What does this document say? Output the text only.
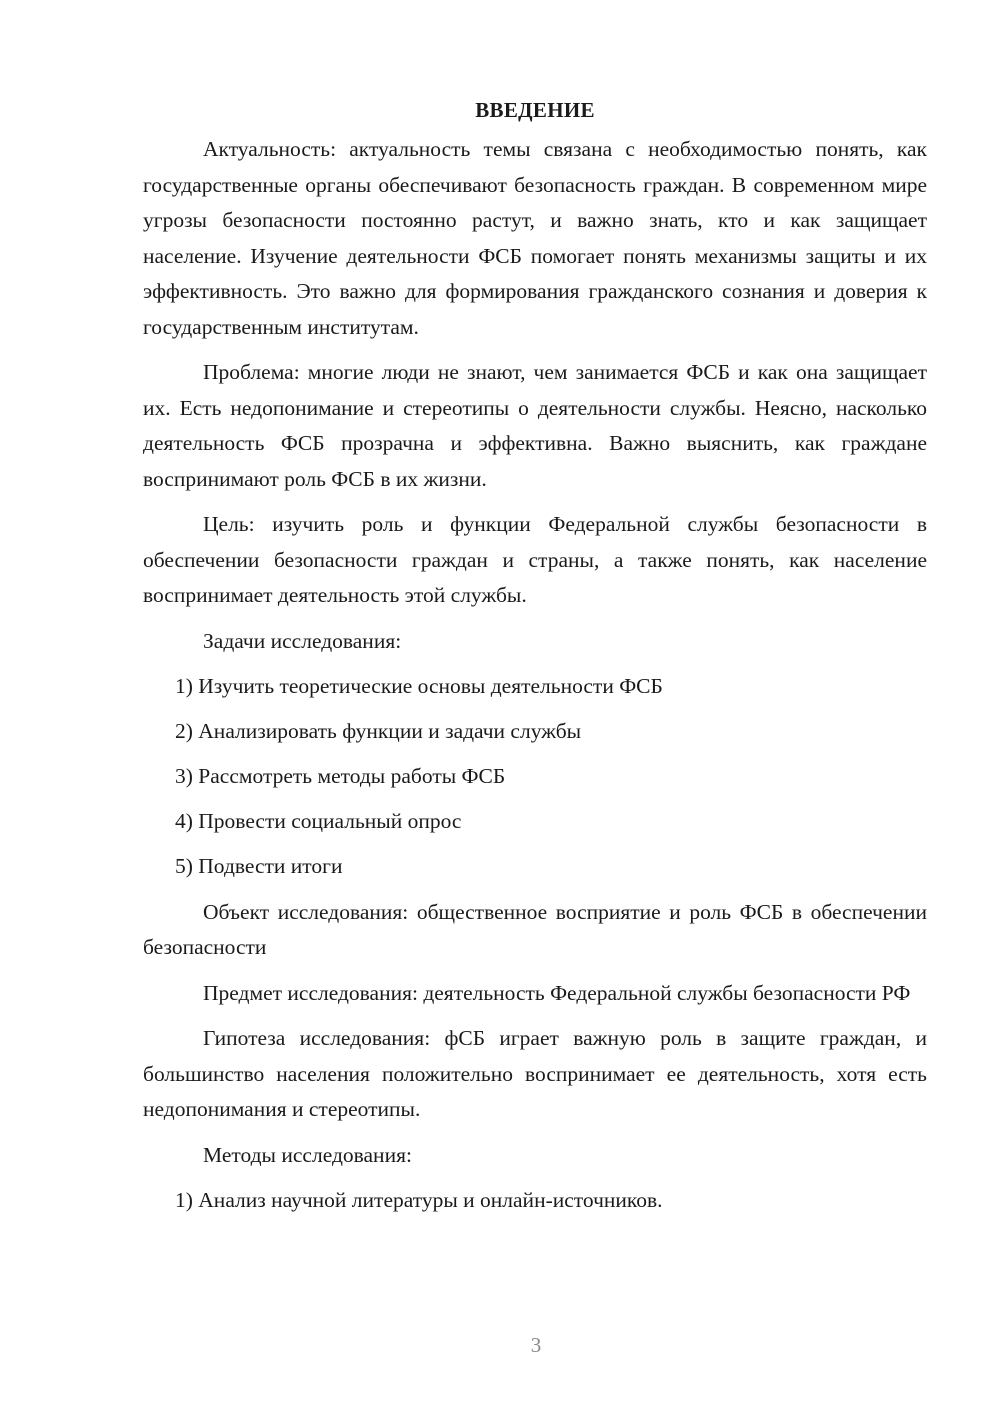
ВВЕДЕНИЕ

Актуальность: актуальность темы связана с необходимостью понять, как государственные органы обеспечивают безопасность граждан. В современном мире угрозы безопасности постоянно растут, и важно знать, кто и как защищает население. Изучение деятельности ФСБ помогает понять механизмы защиты и их эффективность. Это важно для формирования гражданского сознания и доверия к государственным институтам.

Проблема: многие люди не знают, чем занимается ФСБ и как она защищает их. Есть недопонимание и стереотипы о деятельности службы. Неясно, насколько деятельность ФСБ прозрачна и эффективна. Важно выяснить, как граждане воспринимают роль ФСБ в их жизни.

Цель: изучить роль и функции Федеральной службы безопасности в обеспечении безопасности граждан и страны, а также понять, как население воспринимает деятельность этой службы.

Задачи исследования:

1) Изучить теоретические основы деятельности ФСБ
2) Анализировать функции и задачи службы
3) Рассмотреть методы работы ФСБ
4) Провести социальный опрос
5) Подвести итоги

Объект исследования: общественное восприятие и роль ФСБ в обеспечении безопасности

Предмет исследования: деятельность Федеральной службы безопасности РФ

Гипотеза исследования: фСБ играет важную роль в защите граждан, и большинство населения положительно воспринимает ее деятельность, хотя есть недопонимания и стереотипы.

Методы исследования:

1) Анализ научной литературы и онлайн-источников.
3
